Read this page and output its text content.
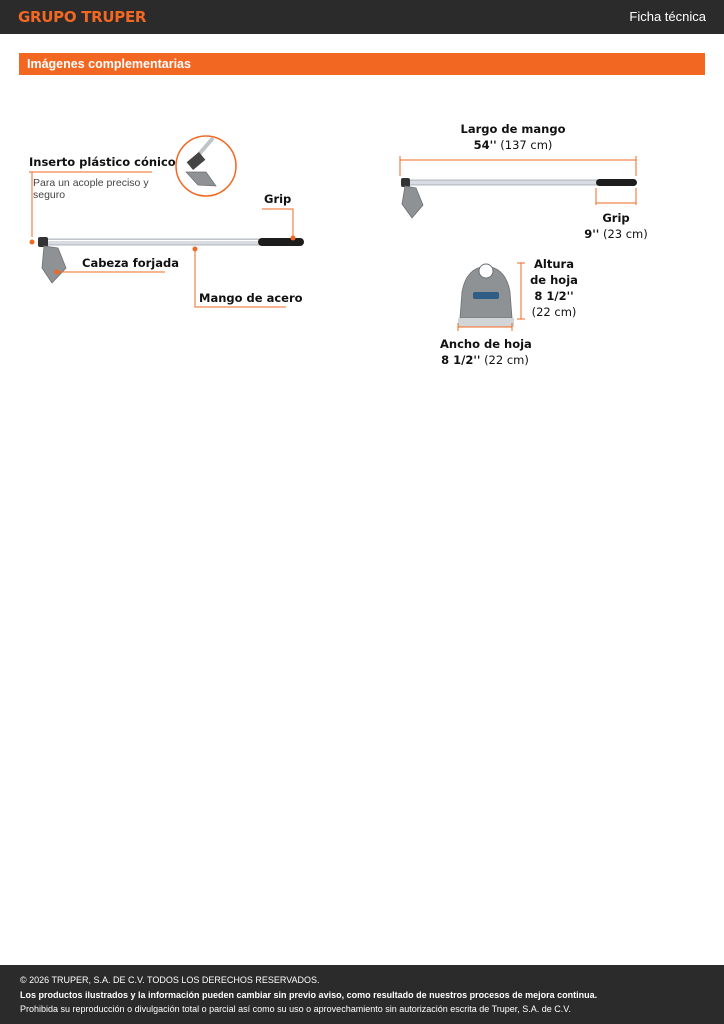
GRUPO TRUPER	Ficha técnica
Imágenes complementarias
Inserto plástico cónico
Para un acople preciso y seguro	Grip
Cabeza forjada
Mango de acero
Largo de mango
54'' (137 cm)
Grip
9'' (23 cm)
Altura
de hoja
8 1/2''
(22 cm)
Ancho de hoja
8 1/2'' (22 cm)
© 2026 TRUPER, S.A. DE C.V. TODOS LOS DERECHOS RESERVADOS.
Los productos ilustrados y la información pueden cambiar sin previo aviso, como resultado de nuestros procesos de mejora continua.
Prohibida su reproducción o divulgación total o parcial así como su uso o aprovechamiento sin autorización escrita de Truper, S.A. de C.V.
